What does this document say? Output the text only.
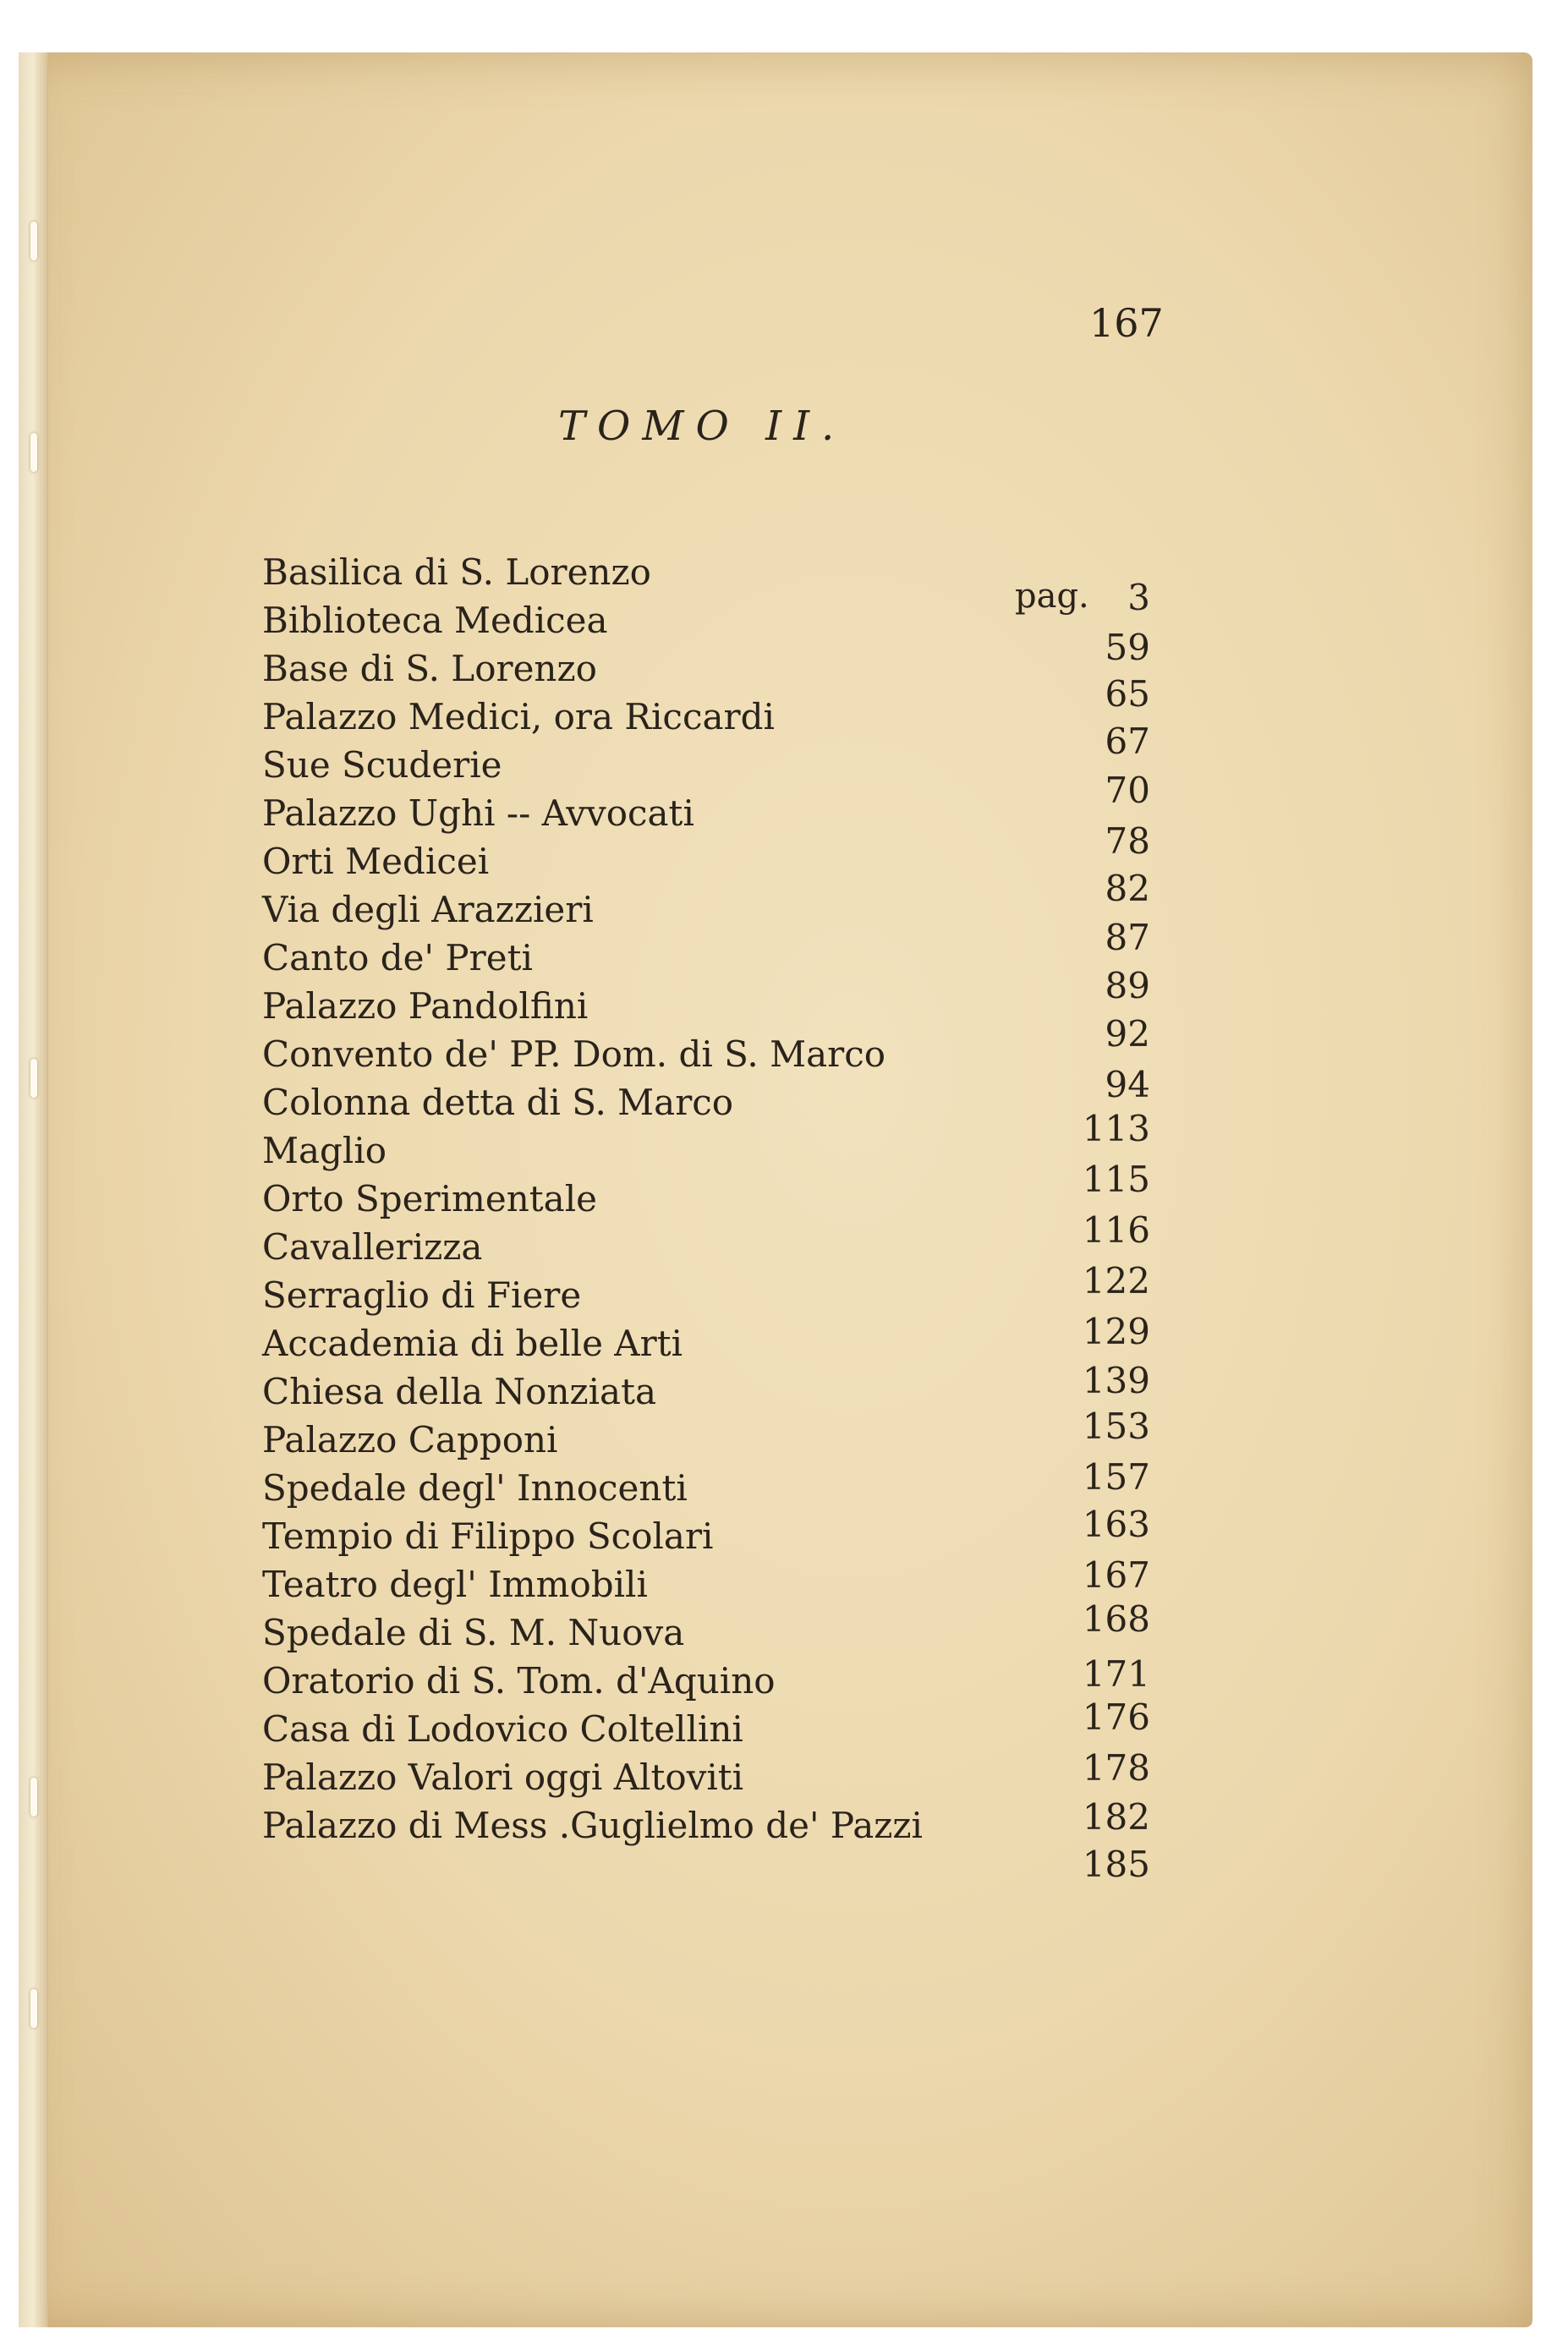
167
TOMO II.
pag.
Basilica di S. Lorenzo
Biblioteca Medicea
Base di S. Lorenzo
Palazzo Medici, ora Riccardi
Sue Scuderie
Palazzo Ughi -- Avvocati
Orti Medicei
Via degli Arazzieri
Canto de' Preti
Palazzo Pandolfini
Convento de' PP. Dom. di S. Marco
Colonna detta di S. Marco
Maglio
Orto Sperimentale
Cavallerizza
Serraglio di Fiere
Accademia di belle Arti
Chiesa della Nonziata
Palazzo Capponi
Spedale degl' Innocenti
Tempio di Filippo Scolari
Teatro degl' Immobili
Spedale di S. M. Nuova
Oratorio di S. Tom. d'Aquino
Casa di Lodovico Coltellini
Palazzo Valori oggi Altoviti
Palazzo di Mess .Guglielmo de' Pazzi
3
59
65
67
70
78
82
87
89
92
94
113
115
116
122
129
139
153
157
163
167
168
171
176
178
182
185
